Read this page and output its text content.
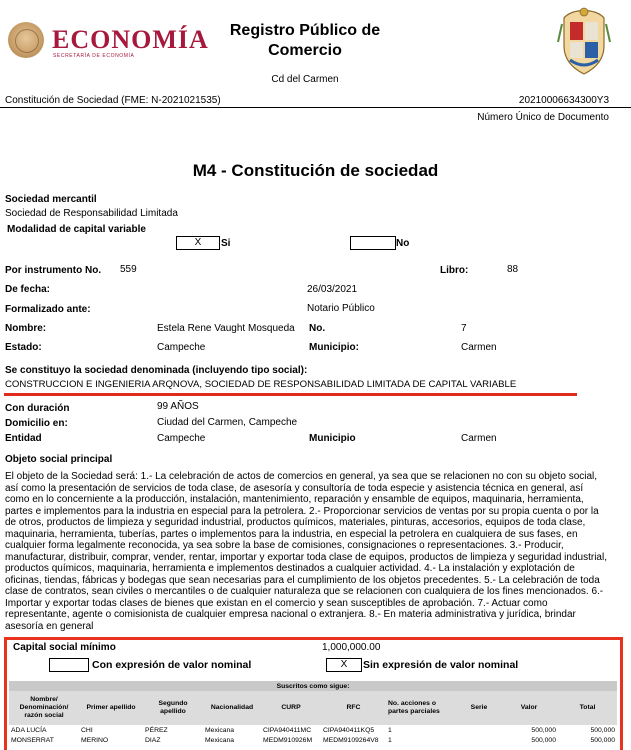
ECONOMÍA
SECRETARÍA DE ECONOMÍA
Registro Público de Comercio
Cd del Carmen
Constitución de Sociedad (FME: N-2021021535)	20210006634300Y3
Número Único de Documento
M4 - Constitución de sociedad
Sociedad mercantil
Sociedad de Responsabilidad Limitada
Modalidad de capital variable
X	Si	No
Por instrumento No. 559	Libro:	88
De fecha:	26/03/2021
Formalizado ante:	Notario Público
Nombre:	Estela Rene Vaught Mosqueda No.	7
Estado:	Campeche	Municipio:	Carmen
Se constituyo la sociedad denominada (incluyendo tipo social):
CONSTRUCCION E INGENIERIA ARQNOVA, SOCIEDAD DE RESPONSABILIDAD LIMITADA DE CAPITAL VARIABLE
Con duración	99 AÑOS
Domicilio en:	Ciudad del Carmen, Campeche
Entidad	Campeche	Municipio	Carmen
Objeto social principal
El objeto de la Sociedad será: 1.- La celebración de actos de comercios en general, ya sea que se relacionen no con su objeto social, así como la presentación de servicios de toda clase, de asesoría y consultoría de toda especie y asistencia técnica en general, así como en lo concerniente a la producción, instalación, mantenimiento, reparación y ensamble de equipos, maquinaria, herramienta, partes e implementos para la industria en especial para la petrolera. 2.- Proporcionar servicios de ventas por su propia cuenta o por la de otros, productos de limpieza y seguridad industrial, productos químicos, materiales, pinturas, accesorios, equipos de toda clase, maquinaria, herramienta, tuberías, partes o implementos para la industria, en especial la petrolera en cualquiera de sus fases, en cualquier forma legalmente reconocida, ya sea sobre la base de comisiones, consignaciones o representaciones. 3.- Producir, manufacturar, distribuir, comprar, vender, rentar, importar y exportar toda clase de equipos, productos de limpieza y seguridad industrial, productos químicos, maquinaria, herramienta e implementos destinados a cualquier actividad. 4.- La instalación y explotación de oficinas, tiendas, fábricas y bodegas que sean necesarias para el cumplimiento de los objetos precedentes. 5.- La celebración de toda clase de contratos, sean civiles o mercantiles o de cualquier naturaleza que se relacionen con cualquiera de los fines mencionados. 6.- Importar y exportar todas clases de bienes que existan en el comercio y sean susceptibles de aprobación. 7.- Actuar como representante, agente o comisionista de cualquier empresa nacional o extranjera. 8.- En materia administrativa y jurídica, brindar asesoría en general
Capital social mínimo	1,000,000.00
Con expresión de valor nominal	X	Sin expresión de valor nominal
Suscritos como sigue:									
Nombre/ Denominación/ razón social	Primer apellido	Segundo apellido	Nacionalidad	CURP	RFC	No. acciones o partes parciales	Serie	Valor	Total
ADA LUCÍA	CHI	PÉREZ	Mexicana	CIPA940411MC	CIPA940411KQ5	1		500,000	500,000
MONSERRAT	MERINO	DIAZ	Mexicana	MEDM910926M	MEDM9109264V8	1		500,000	500,000
